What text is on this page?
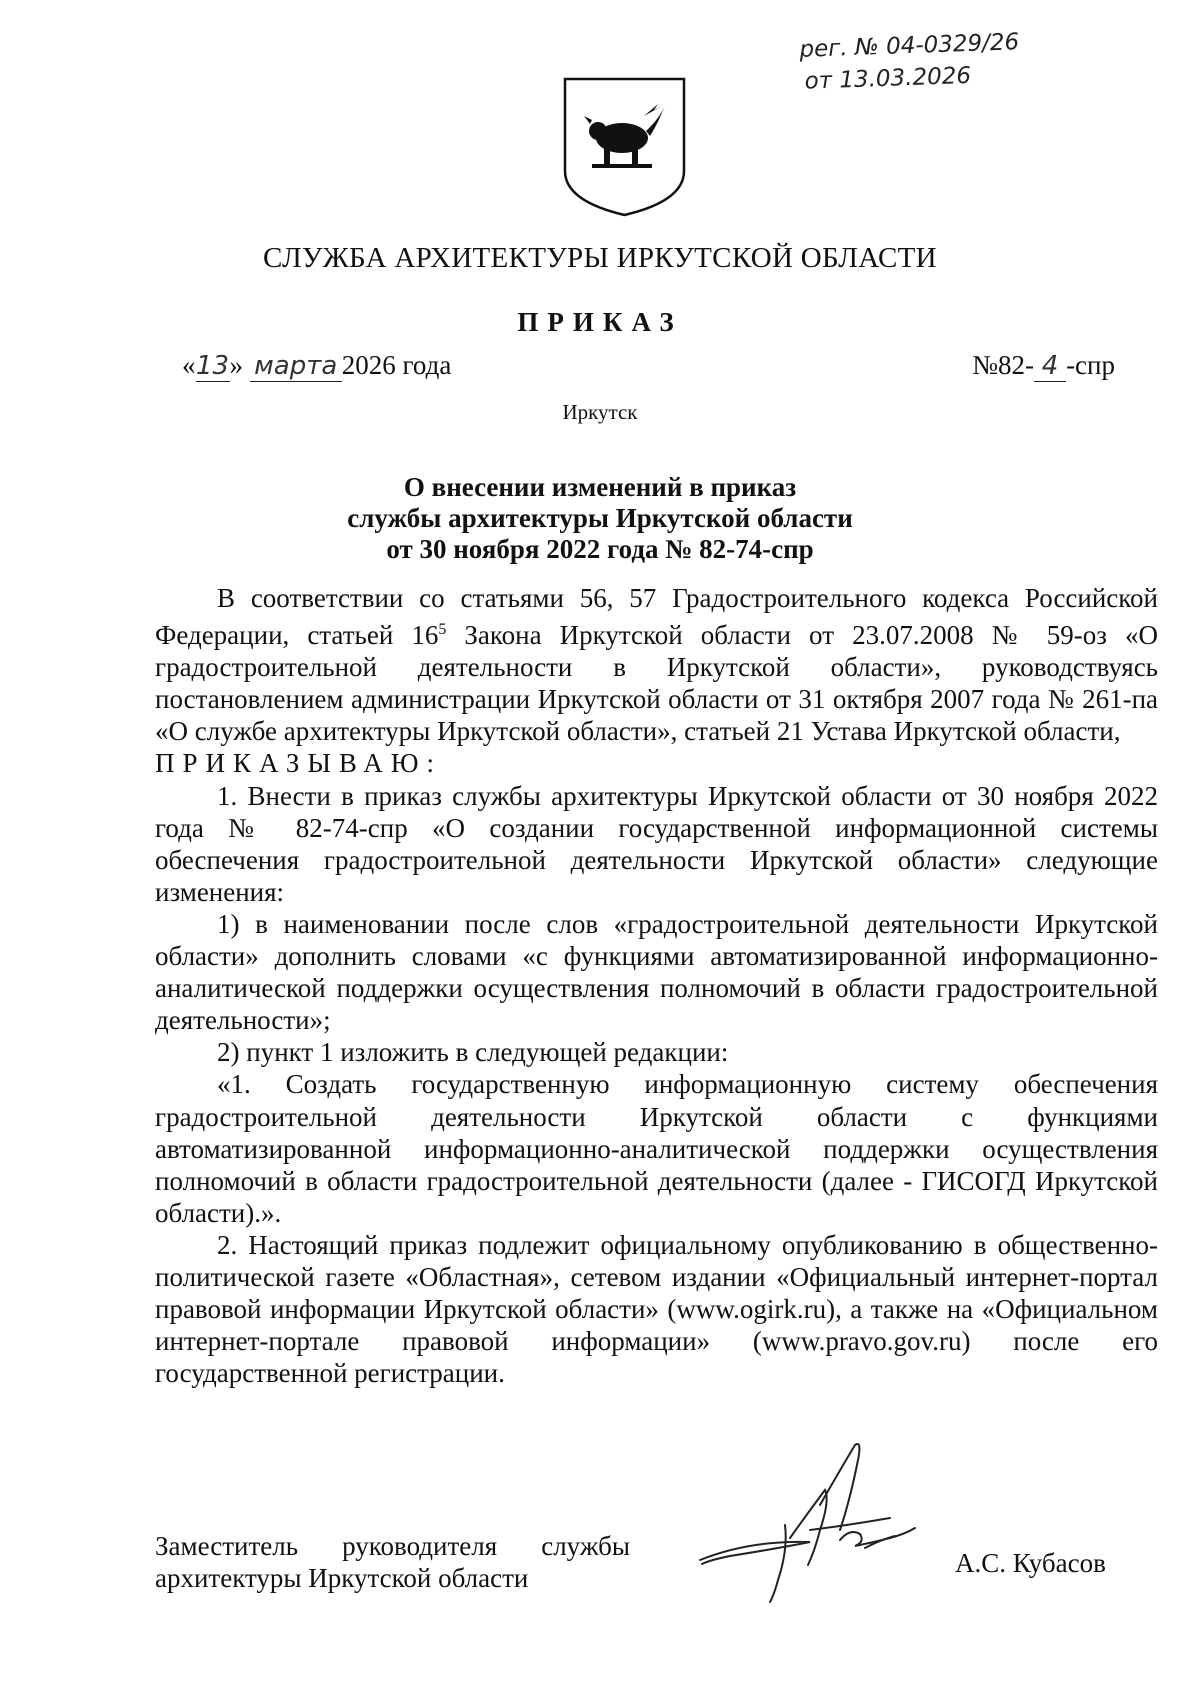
рег. № 04-0329/26
от 13.03.2026
СЛУЖБА АРХИТЕКТУРЫ ИРКУТСКОЙ ОБЛАСТИ
ПРИКАЗ
«13» марта 2026 года	№82- 4 -спр
Иркутск
О внесении изменений в приказ
службы архитектуры Иркутской области
от 30 ноября 2022 года № 82-74-спр
В соответствии со статьями 56, 57 Градостроительного кодекса Российской Федерации, статьей $16^5$ Закона Иркутской области от 23.07.2008 № 59-оз «О градостроительной деятельности в Иркутской области», руководствуясь постановлением администрации Иркутской области от 31 октября 2007 года № 261-па «О службе архитектуры Иркутской области», статьей 21 Устава Иркутской области,
ПРИКАЗЫВАЮ:
1. Внести в приказ службы архитектуры Иркутской области от 30 ноября 2022 года № 82-74-спр «О создании государственной информационной системы обеспечения градостроительной деятельности Иркутской области» следующие изменения:
1) в наименовании после слов «градостроительной деятельности Иркутской области» дополнить словами «с функциями автоматизированной информационно-аналитической поддержки осуществления полномочий в области градостроительной деятельности»;
2) пункт 1 изложить в следующей редакции:
«1. Создать государственную информационную систему обеспечения градостроительной деятельности Иркутской области с функциями автоматизированной информационно-аналитической поддержки осуществления полномочий в области градостроительной деятельности (далее - ГИСОГД Иркутской области).».
2. Настоящий приказ подлежит официальному опубликованию в общественно-политической газете «Областная», сетевом издании «Официальный интернет-портал правовой информации Иркутской области» (www.ogirk.ru), а также на «Официальном интернет-портале правовой информации» (www.pravo.gov.ru) после его государственной регистрации.
Заместитель руководителя службы
архитектуры Иркутской области	А.С. Кубасов
